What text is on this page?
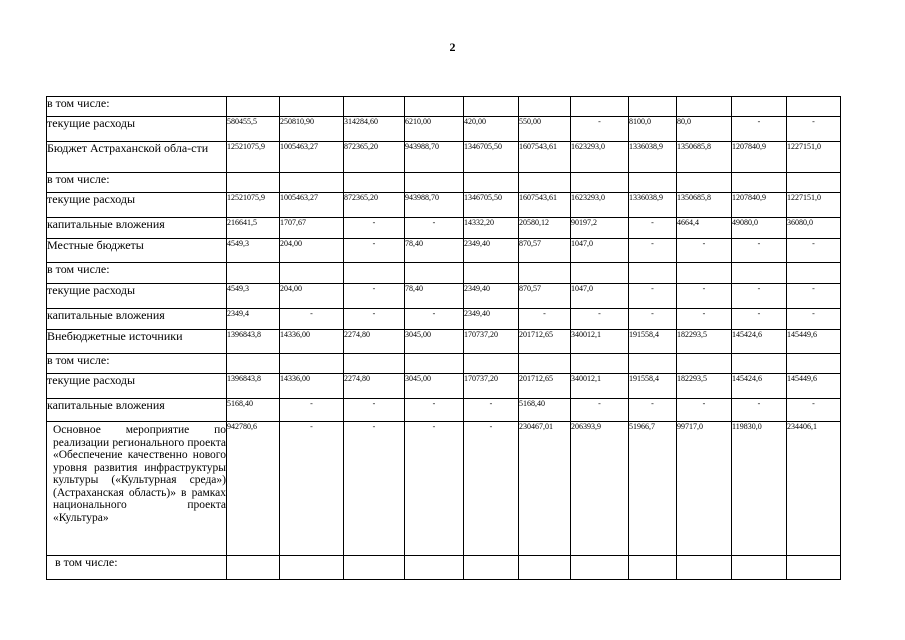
2
в том числе:											
текущие расходы	580455,5	250810,90	314284,60	6210,00	420,00	550,00	-	8100,0	80,0	-	-
Бюджет Астраханской обла-сти	12521075,9	1005463,27	872365,20	943988,70	1346705,50	1607543,61	1623293,0	1336038,9	1350685,8	1207840,9	1227151,0
в том числе:											
текущие расходы	12521075,9	1005463,27	872365,20	943988,70	1346705,50	1607543,61	1623293,0	1336038,9	1350685,8	1207840,9	1227151,0
капитальные вложения	216641,5	1707,67	-	-	14332,20	20580,12	90197,2	-	4664,4	49080,0	36080,0
Местные бюджеты	4549,3	204,00	-	78,40	2349,40	870,57	1047,0	-	-	-	-
в том числе:											
текущие расходы	4549,3	204,00	-	78,40	2349,40	870,57	1047,0	-	-	-	-
капитальные вложения	2349,4	-	-	-	2349,40	-	-	-	-	-	-
Внебюджетные источники	1396843,8	14336,00	2274,80	3045,00	170737,20	201712,65	340012,1	191558,4	182293,5	145424,6	145449,6
в том числе:											
текущие расходы	1396843,8	14336,00	2274,80	3045,00	170737,20	201712,65	340012,1	191558,4	182293,5	145424,6	145449,6
капитальные вложения	5168,40	-	-	-	-	5168,40	-	-	-	-	-
Основное мероприятие по реализации регионального проекта «Обеспечение качественно нового уровня развития инфраструктуры культуры («Культурная среда») (Астраханская область)» в рамках национального проекта «Культура»	942780,6	-	-	-	-	230467,01	206393,9	51966,7	99717,0	119830,0	234406,1
в том числе:											
